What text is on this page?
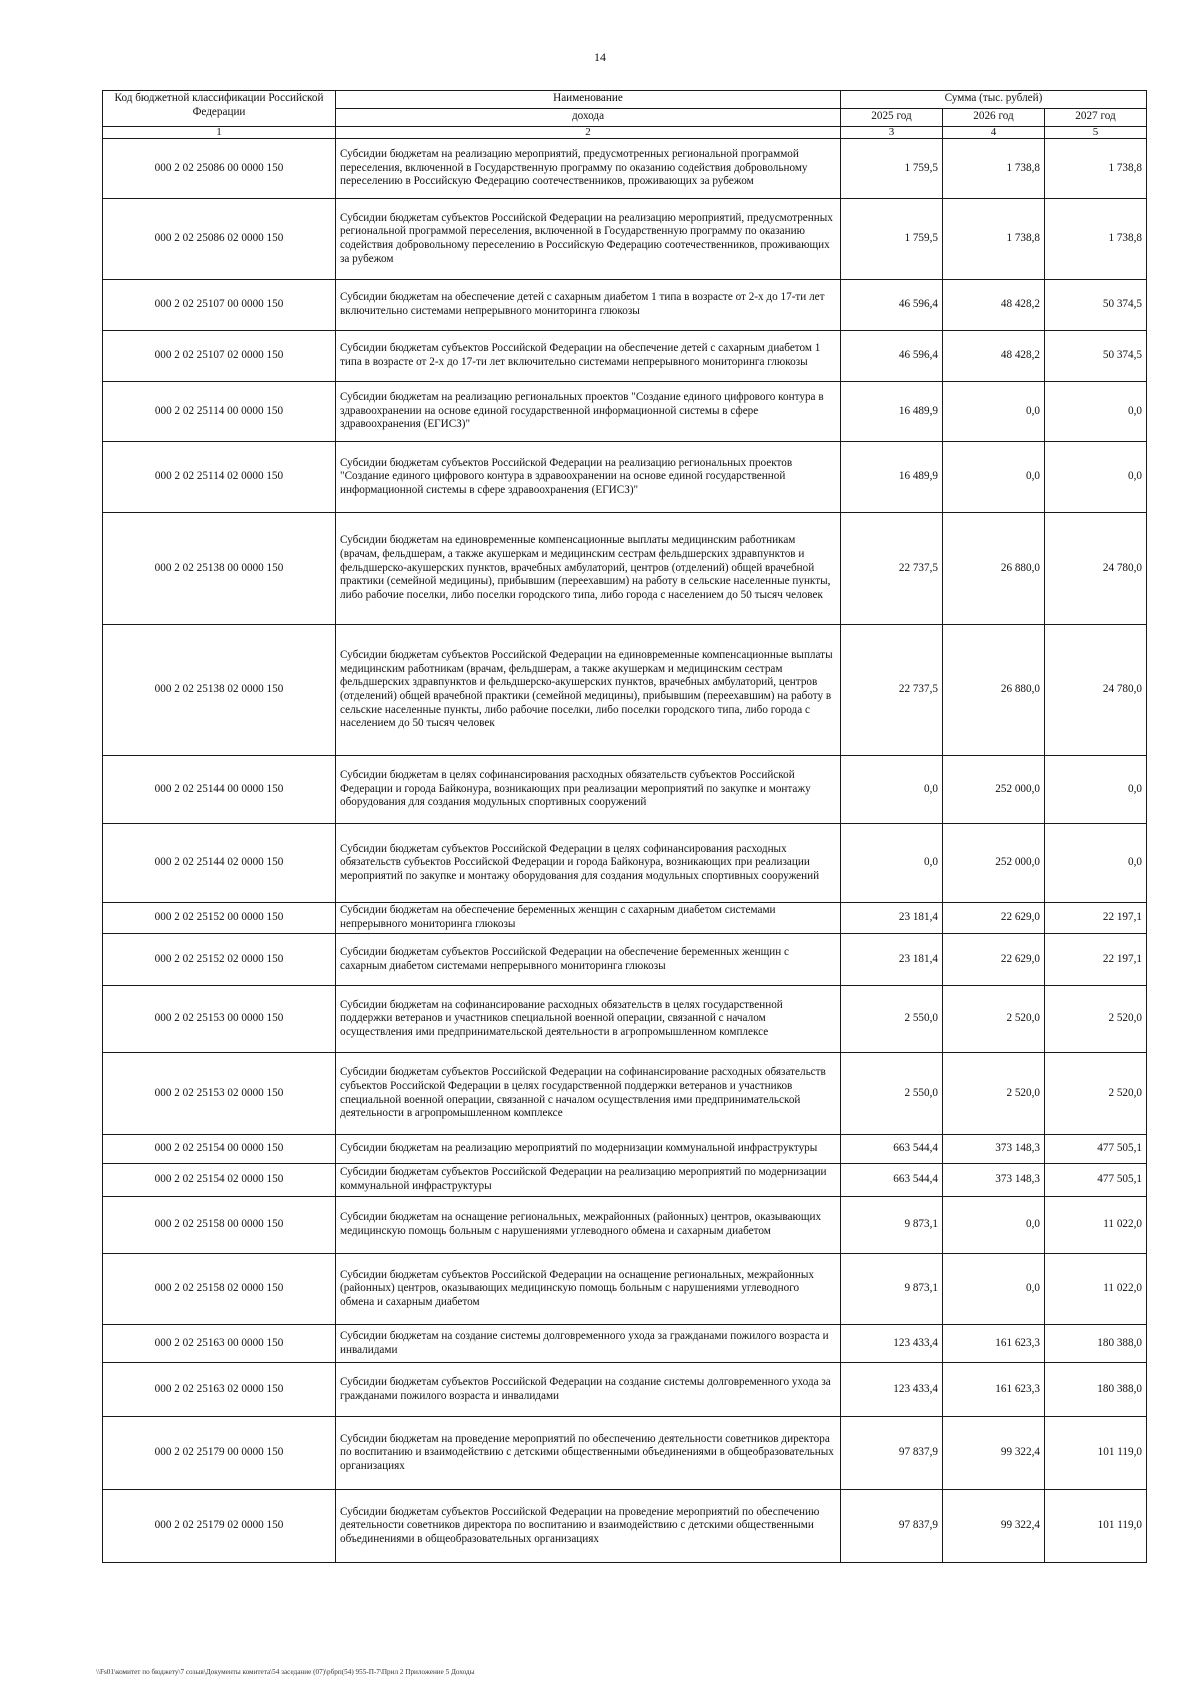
14
Код бюджетной классификации Российской Федерации	Наименование	Сумма (тыс. рублей)		
	дохода	2025 год	2026 год	2027 год
1	2	3	4	5
000 2 02 25086 00 0000 150	Субсидии бюджетам на реализацию мероприятий, предусмотренных региональной программой переселения, включенной в Государственную программу по оказанию содействия добровольному переселению в Российскую Федерацию соотечественников, проживающих за рубежом	1 759,5	1 738,8	1 738,8
000 2 02 25086 02 0000 150	Субсидии бюджетам субъектов Российской Федерации на реализацию мероприятий, предусмотренных региональной программой переселения, включенной в Государственную программу по оказанию содействия добровольному переселению в Российскую Федерацию соотечественников, проживающих за рубежом	1 759,5	1 738,8	1 738,8
000 2 02 25107 00 0000 150	Субсидии бюджетам на обеспечение детей с сахарным диабетом 1 типа в возрасте от 2-х до 17-ти лет включительно системами непрерывного мониторинга глюкозы	46 596,4	48 428,2	50 374,5
000 2 02 25107 02 0000 150	Субсидии бюджетам субъектов Российской Федерации на обеспечение детей с сахарным диабетом 1 типа в возрасте от 2-х до 17-ти лет включительно системами непрерывного мониторинга глюкозы	46 596,4	48 428,2	50 374,5
000 2 02 25114 00 0000 150	Субсидии бюджетам на реализацию региональных проектов "Создание единого цифрового контура в здравоохранении на основе единой государственной информационной системы в сфере здравоохранения (ЕГИСЗ)"	16 489,9	0,0	0,0
000 2 02 25114 02 0000 150	Субсидии бюджетам субъектов Российской Федерации на реализацию региональных проектов "Создание единого цифрового контура в здравоохранении на основе единой государственной информационной системы в сфере здравоохранения (ЕГИСЗ)"	16 489,9	0,0	0,0
000 2 02 25138 00 0000 150	Субсидии бюджетам на единовременные компенсационные выплаты медицинским работникам (врачам, фельдшерам, а также акушеркам и медицинским сестрам фельдшерских здравпунктов и фельдшерско-акушерских пунктов, врачебных амбулаторий, центров (отделений) общей врачебной практики (семейной медицины), прибывшим (переехавшим) на работу в сельские населенные пункты, либо рабочие поселки, либо поселки городского типа, либо города с населением до 50 тысяч человек	22 737,5	26 880,0	24 780,0
000 2 02 25138 02 0000 150	Субсидии бюджетам субъектов Российской Федерации на единовременные компенсационные выплаты медицинским работникам (врачам, фельдшерам, а также акушеркам и медицинским сестрам фельдшерских здравпунктов и фельдшерско-акушерских пунктов, врачебных амбулаторий, центров (отделений) общей врачебной практики (семейной медицины), прибывшим (переехавшим) на работу в сельские населенные пункты, либо рабочие поселки, либо поселки городского типа, либо города с населением до 50 тысяч человек	22 737,5	26 880,0	24 780,0
000 2 02 25144 00 0000 150	Субсидии бюджетам в целях софинансирования расходных обязательств субъектов Российской Федерации и города Байконура, возникающих при реализации мероприятий по закупке и монтажу оборудования для создания модульных спортивных сооружений	0,0	252 000,0	0,0
000 2 02 25144 02 0000 150	Субсидии бюджетам субъектов Российской Федерации в целях софинансирования расходных обязательств субъектов Российской Федерации и города Байконура, возникающих при реализации мероприятий по закупке и монтажу оборудования для создания модульных спортивных сооружений	0,0	252 000,0	0,0
000 2 02 25152 00 0000 150	Субсидии бюджетам на обеспечение беременных женщин с сахарным диабетом системами непрерывного мониторинга глюкозы	23 181,4	22 629,0	22 197,1
000 2 02 25152 02 0000 150	Субсидии бюджетам субъектов Российской Федерации на обеспечение беременных женщин с сахарным диабетом системами непрерывного мониторинга глюкозы	23 181,4	22 629,0	22 197,1
000 2 02 25153 00 0000 150	Субсидии бюджетам на софинансирование расходных обязательств в целях государственной поддержки ветеранов и участников специальной военной операции, связанной с началом осуществления ими предпринимательской деятельности в агропромышленном комплексе	2 550,0	2 520,0	2 520,0
000 2 02 25153 02 0000 150	Субсидии бюджетам субъектов Российской Федерации на софинансирование расходных обязательств субъектов Российской Федерации в целях государственной поддержки ветеранов и участников специальной военной операции, связанной с началом осуществления ими предпринимательской деятельности в агропромышленном комплексе	2 550,0	2 520,0	2 520,0
000 2 02 25154 00 0000 150	Субсидии бюджетам на реализацию мероприятий по модернизации коммунальной инфраструктуры	663 544,4	373 148,3	477 505,1
000 2 02 25154 02 0000 150	Субсидии бюджетам субъектов Российской Федерации на реализацию мероприятий по модернизации коммунальной инфраструктуры	663 544,4	373 148,3	477 505,1
000 2 02 25158 00 0000 150	Субсидии бюджетам на оснащение региональных, межрайонных (районных) центров, оказывающих медицинскую помощь больным с нарушениями углеводного обмена и сахарным диабетом	9 873,1	0,0	11 022,0
000 2 02 25158 02 0000 150	Субсидии бюджетам субъектов Российской Федерации на оснащение региональных, межрайонных (районных) центров, оказывающих медицинскую помощь больным с нарушениями углеводного обмена и сахарным диабетом	9 873,1	0,0	11 022,0
000 2 02 25163 00 0000 150	Субсидии бюджетам на создание системы долговременного ухода за гражданами пожилого возраста и инвалидами	123 433,4	161 623,3	180 388,0
000 2 02 25163 02 0000 150	Субсидии бюджетам субъектов Российской Федерации на создание системы долговременного ухода за гражданами пожилого возраста и инвалидами	123 433,4	161 623,3	180 388,0
000 2 02 25179 00 0000 150	Субсидии бюджетам на проведение мероприятий по обеспечению деятельности советников директора по воспитанию и взаимодействию с детскими общественными объединениями в общеобразовательных организациях	97 837,9	99 322,4	101 119,0
000 2 02 25179 02 0000 150	Субсидии бюджетам субъектов Российской Федерации на проведение мероприятий по обеспечению деятельности советников директора по воспитанию и взаимодействию с детскими общественными объединениями в общеобразовательных организациях	97 837,9	99 322,4	101 119,0
\\Fs01\комитет по бюджету\7 созыв\Документы комитета\54 заседание (07)\рбрп(54) 955-П-7\Прил 2 Приложение 5 Доходы
